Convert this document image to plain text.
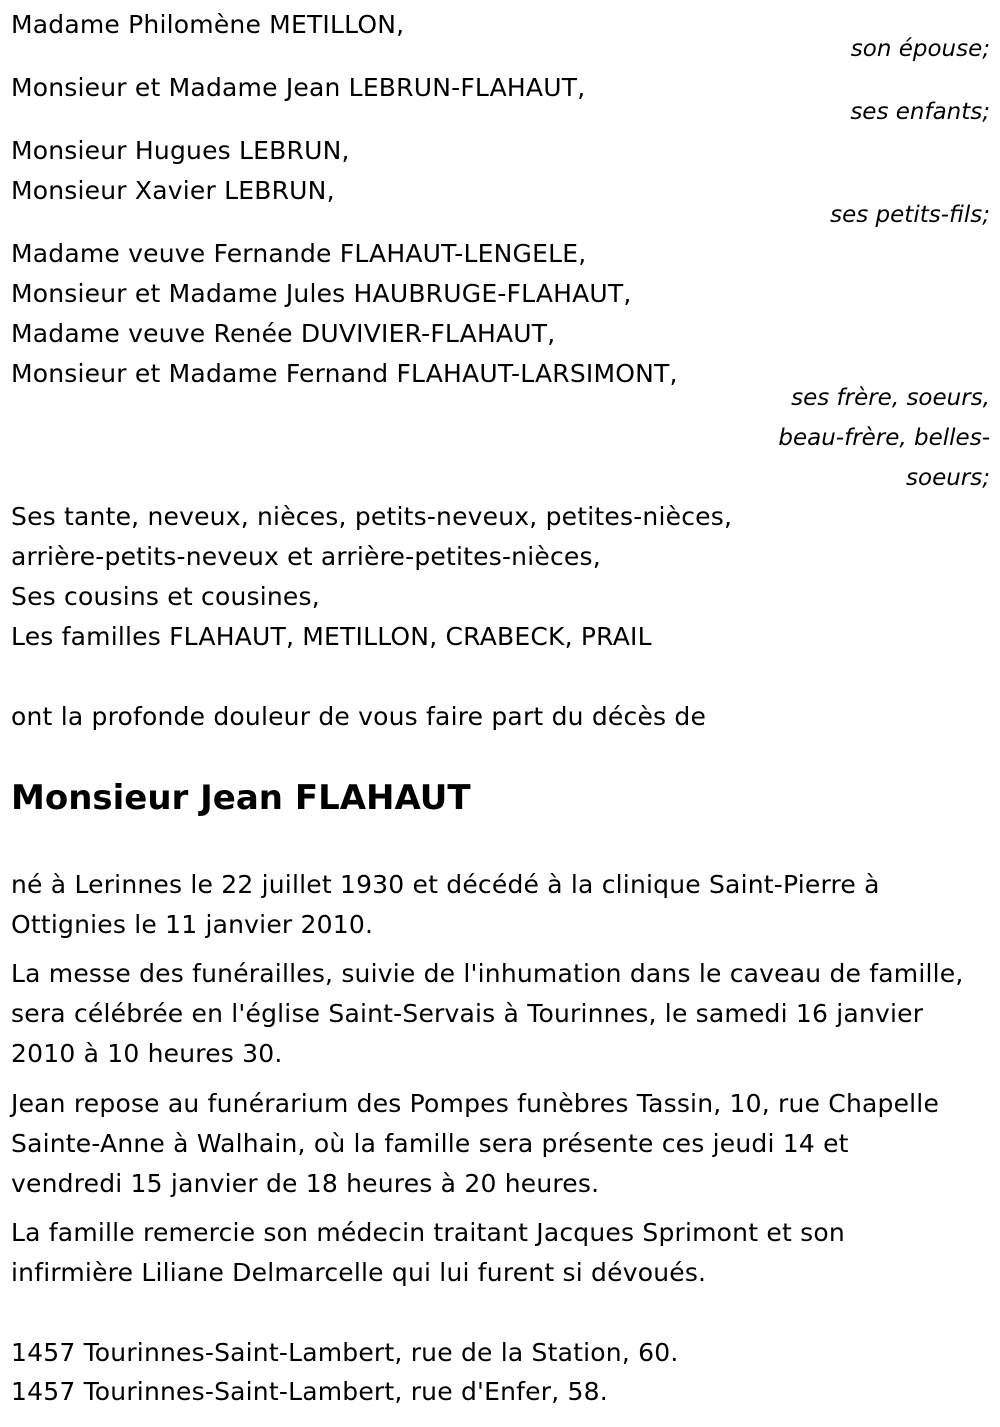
Madame Philomène METILLON,
son épouse;
Monsieur et Madame Jean LEBRUN-FLAHAUT,
ses enfants;
Monsieur Hugues LEBRUN,
Monsieur Xavier LEBRUN,
ses petits-fils;
Madame veuve Fernande FLAHAUT-LENGELE,
Monsieur et Madame Jules HAUBRUGE-FLAHAUT,
Madame veuve Renée DUVIVIER-FLAHAUT,
Monsieur et Madame Fernand FLAHAUT-LARSIMONT,
ses frère, soeurs,
beau-frère, belles-
soeurs;
Ses tante, neveux, nièces, petits-neveux, petites-nièces,
arrière-petits-neveux et arrière-petites-nièces,
Ses cousins et cousines,
Les familles FLAHAUT, METILLON, CRABECK, PRAIL
ont la profonde douleur de vous faire part du décès de
Monsieur Jean FLAHAUT
né à Lerinnes le 22 juillet 1930 et décédé à la clinique Saint-Pierre à
Ottignies le 11 janvier 2010.
La messe des funérailles, suivie de l'inhumation dans le caveau de famille,
sera célébrée en l'église Saint-Servais à Tourinnes, le samedi 16 janvier
2010 à 10 heures 30.
Jean repose au funérarium des Pompes funèbres Tassin, 10, rue Chapelle
Sainte-Anne à Walhain, où la famille sera présente ces jeudi 14 et
vendredi 15 janvier de 18 heures à 20 heures.
La famille remercie son médecin traitant Jacques Sprimont et son
infirmière Liliane Delmarcelle qui lui furent si dévoués.
1457 Tourinnes-Saint-Lambert, rue de la Station, 60.
1457 Tourinnes-Saint-Lambert, rue d'Enfer, 58.
